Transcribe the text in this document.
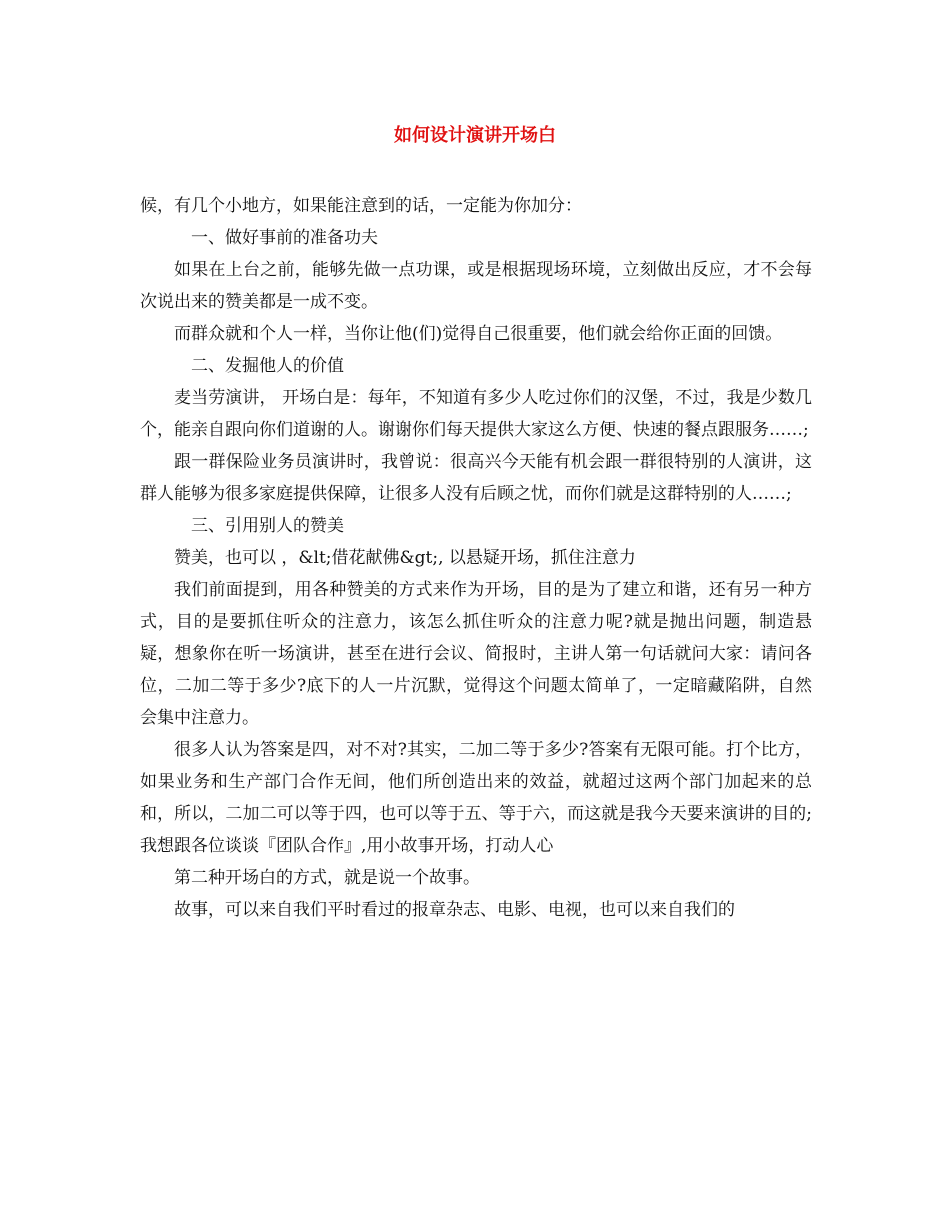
如何设计演讲开场白

候，有几个小地方，如果能注意到的话，一定能为你加分：

一、做好事前的准备功夫

如果在上台之前，能够先做一点功课，或是根据现场环境，立刻做出反应，才不会每次说出来的赞美都是一成不变。

而群众就和个人一样，当你让他(们)觉得自己很重要，他们就会给你正面的回馈。

二、发掘他人的价值

麦当劳演讲， 开场白是：每年，不知道有多少人吃过你们的汉堡，不过，我是少数几个，能亲自跟向你们道谢的人。谢谢你们每天提供大家这么方便、快速的餐点跟服务……;

跟一群保险业务员演讲时，我曾说：很高兴今天能有机会跟一群很特别的人演讲，这群人能够为很多家庭提供保障，让很多人没有后顾之忧，而你们就是这群特别的人……;

三、引用别人的赞美

赞美，也可以 ，&lt;借花献佛&gt;, 以悬疑开场，抓住注意力

我们前面提到，用各种赞美的方式来作为开场，目的是为了建立和谐，还有另一种方式，目的是要抓住听众的注意力，该怎么抓住听众的注意力呢?就是抛出问题，制造悬疑，想象你在听一场演讲，甚至在进行会议、简报时，主讲人第一句话就问大家：请问各位，二加二等于多少?底下的人一片沉默，觉得这个问题太简单了，一定暗藏陷阱，自然会集中注意力。

很多人认为答案是四，对不对?其实，二加二等于多少?答案有无限可能。打个比方，如果业务和生产部门合作无间，他们所创造出来的效益，就超过这两个部门加起来的总和，所以，二加二可以等于四，也可以等于五、等于六，而这就是我今天要来演讲的目的;我想跟各位谈谈『团队合作』,用小故事开场，打动人心

第二种开场白的方式，就是说一个故事。

故事，可以来自我们平时看过的报章杂志、电影、电视，也可以来自我们的
